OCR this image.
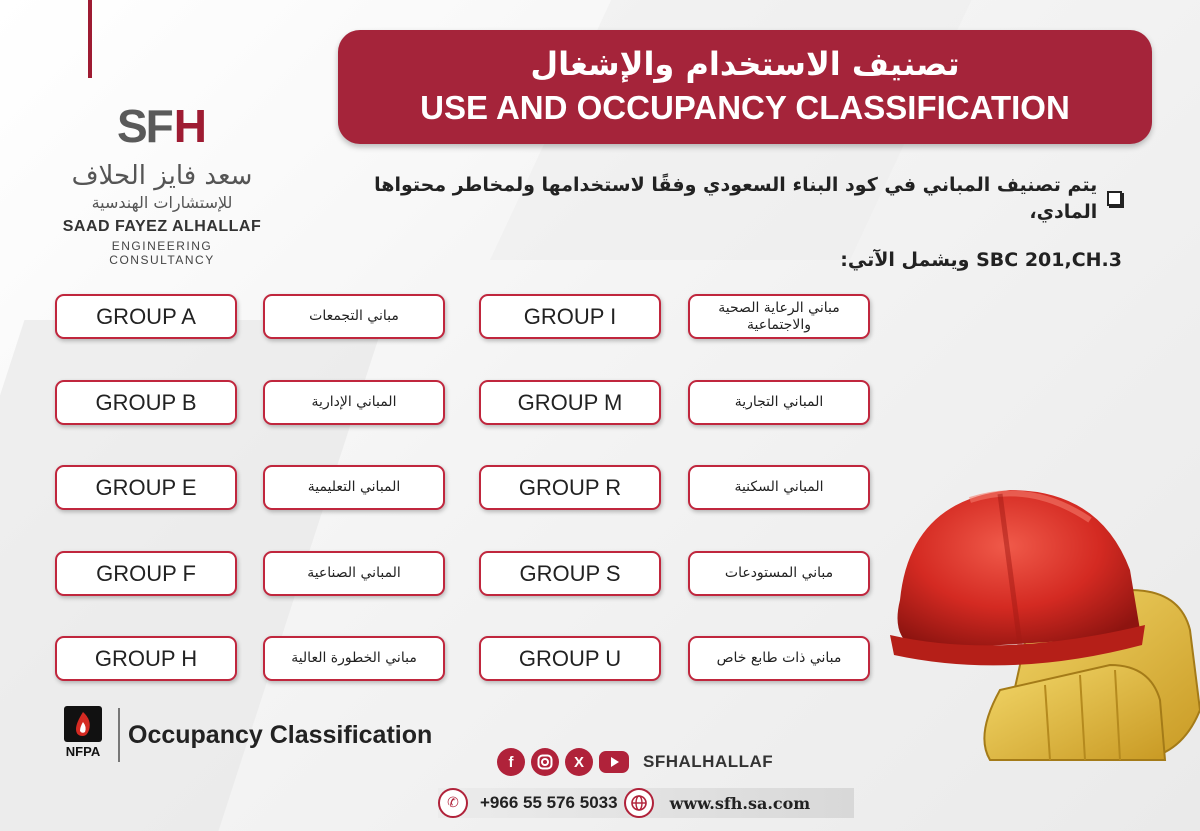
SF H
سعد فايز الحلاف
للإستشارات الهندسية
SAAD FAYEZ ALHALLAF
ENGINEERING CONSULTANCY
تصنيف الاستخدام والإشغال
USE AND OCCUPANCY CLASSIFICATION
يتم تصنيف المباني في كود البناء السعودي وفقًا لاستخدامها ولمخاطر محتواها المادي،
SBC 201,CH.3 ويشمل الآتي:
GROUP A	مباني التجمعات
GROUP B	المباني الإدارية
GROUP E	المباني التعليمية
GROUP F	المباني الصناعية
GROUP H	مباني الخطورة العالية
GROUP I	مباني الرعاية الصحية والاجتماعية
GROUP M	المباني التجارية
GROUP R	المباني السكنية
GROUP S	مباني المستودعات
GROUP U	مباني ذات طابع خاص
NFPA
Occupancy Classification
f	X	SFHALHALLAF
✆	+966 55 576 5033	www.sfh.sa.com
